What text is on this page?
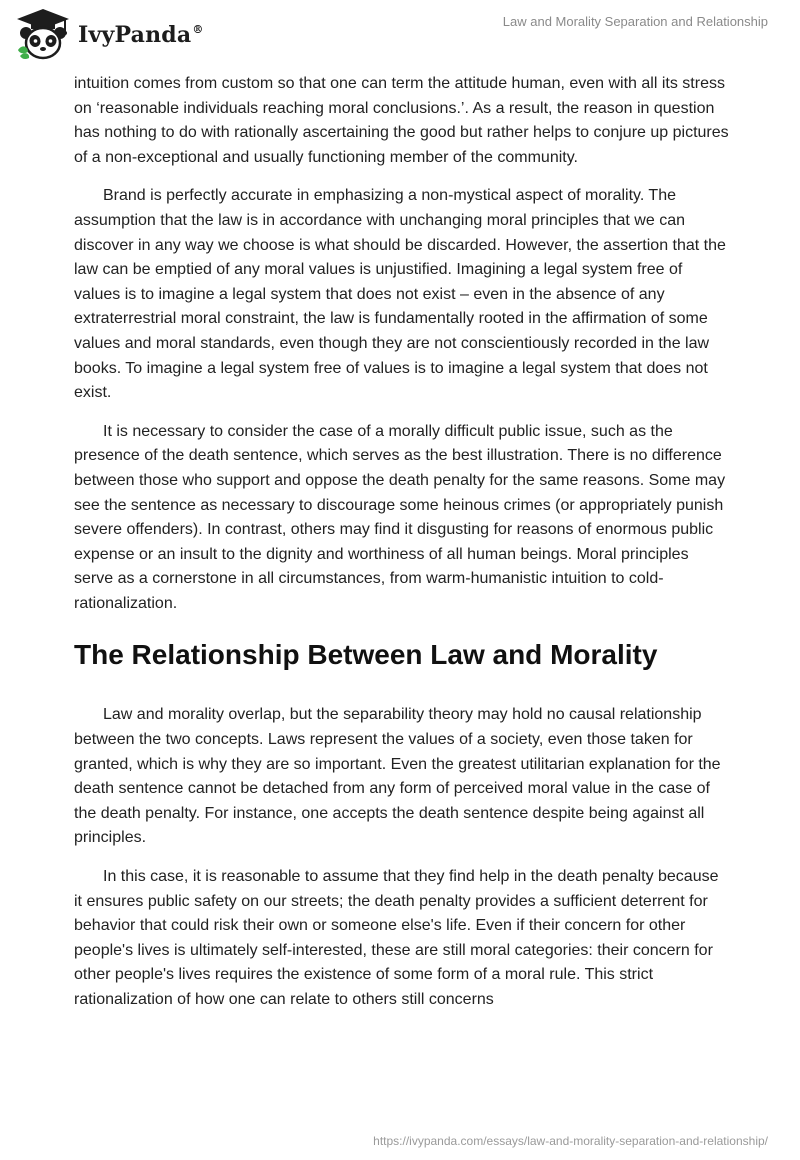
IvyPanda®
Law and Morality Separation and Relationship

intuition comes from custom so that one can term the attitude human, even with all its stress on ‘reasonable individuals reaching moral conclusions.’. As a result, the reason in question has nothing to do with rationally ascertaining the good but rather helps to conjure up pictures of a non-exceptional and usually functioning member of the community.

Brand is perfectly accurate in emphasizing a non-mystical aspect of morality. The assumption that the law is in accordance with unchanging moral principles that we can discover in any way we choose is what should be discarded. However, the assertion that the law can be emptied of any moral values is unjustified. Imagining a legal system free of values is to imagine a legal system that does not exist – even in the absence of any extraterrestrial moral constraint, the law is fundamentally rooted in the affirmation of some values and moral standards, even though they are not conscientiously recorded in the law books. To imagine a legal system free of values is to imagine a legal system that does not exist.

It is necessary to consider the case of a morally difficult public issue, such as the presence of the death sentence, which serves as the best illustration. There is no difference between those who support and oppose the death penalty for the same reasons. Some may see the sentence as necessary to discourage some heinous crimes (or appropriately punish severe offenders). In contrast, others may find it disgusting for reasons of enormous public expense or an insult to the dignity and worthiness of all human beings. Moral principles serve as a cornerstone in all circumstances, from warm-humanistic intuition to cold-rationalization.

The Relationship Between Law and Morality

Law and morality overlap, but the separability theory may hold no causal relationship between the two concepts. Laws represent the values of a society, even those taken for granted, which is why they are so important. Even the greatest utilitarian explanation for the death sentence cannot be detached from any form of perceived moral value in the case of the death penalty. For instance, one accepts the death sentence despite being against all principles.

In this case, it is reasonable to assume that they find help in the death penalty because it ensures public safety on our streets; the death penalty provides a sufficient deterrent for behavior that could risk their own or someone else's life. Even if their concern for other people's lives is ultimately self-interested, these are still moral categories: their concern for other people's lives requires the existence of some form of a moral rule. This strict rationalization of how one can relate to others still concerns

https://ivypanda.com/essays/law-and-morality-separation-and-relationship/
